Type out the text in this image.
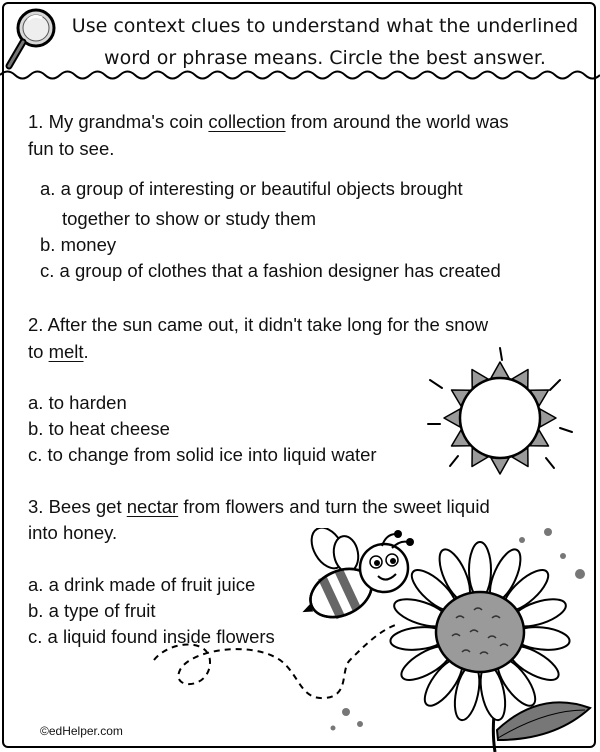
Use context clues to understand what the underlined
word or phrase means. Circle the best answer.
1. My grandma's coin collection from around the world was
fun to see.
a. a group of interesting or beautiful objects brought
together to show or study them
b. money
c. a group of clothes that a fashion designer has created
2. After the sun came out, it didn't take long for the snow
to melt.
a. to harden
b. to heat cheese
c. to change from solid ice into liquid water
3. Bees get nectar from flowers and turn the sweet liquid
into honey.
a. a drink made of fruit juice
b. a type of fruit
c. a liquid found inside flowers
©edHelper.com
